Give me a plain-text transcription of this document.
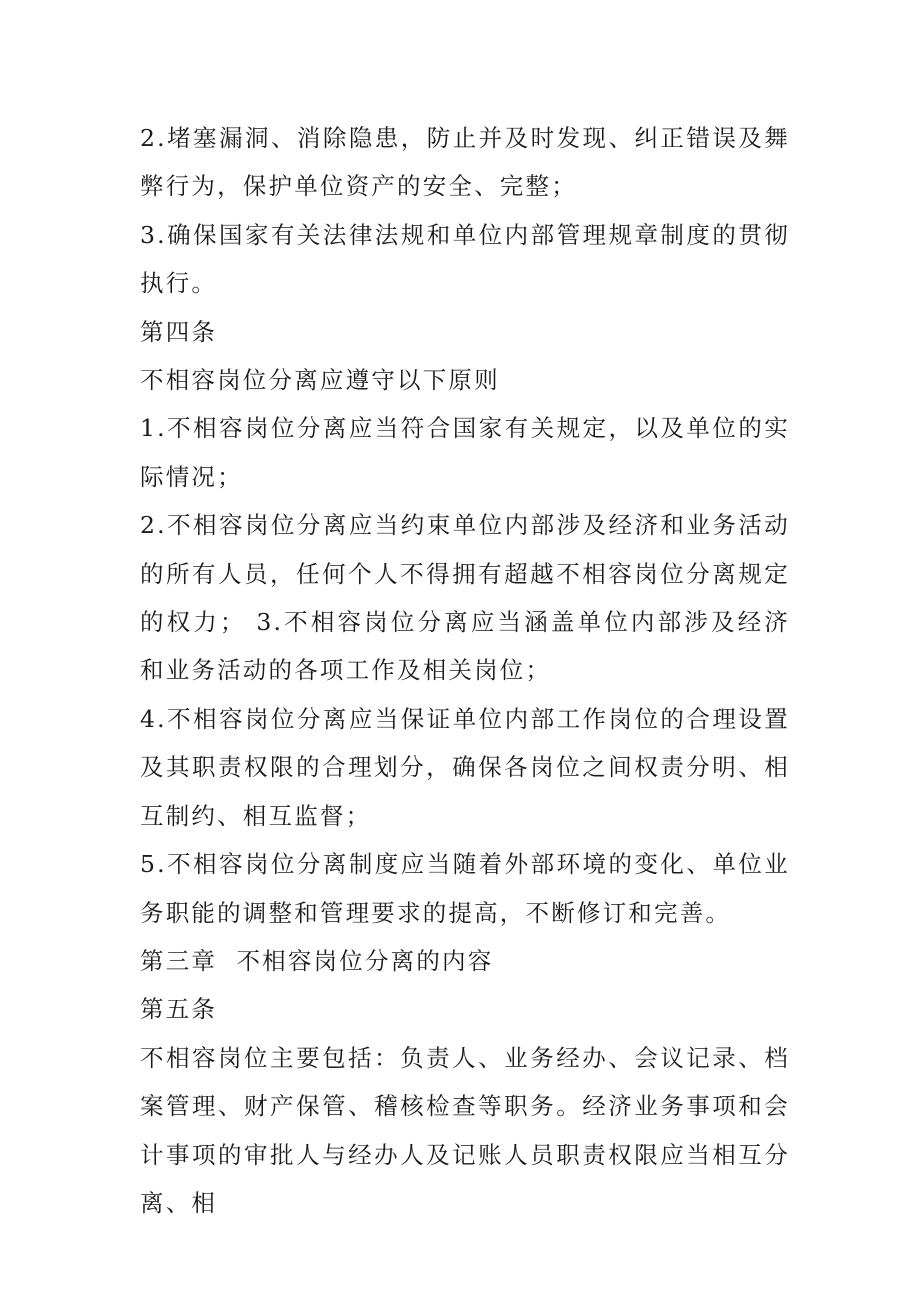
2.堵塞漏洞、消除隐患，防止并及时发现、纠正错误及舞弊行为，保护单位资产的安全、完整；

3.确保国家有关法律法规和单位内部管理规章制度的贯彻执行。

第四条

不相容岗位分离应遵守以下原则

1.不相容岗位分离应当符合国家有关规定，以及单位的实际情况；

2.不相容岗位分离应当约束单位内部涉及经济和业务活动的所有人员，任何个人不得拥有超越不相容岗位分离规定的权力； 3.不相容岗位分离应当涵盖单位内部涉及经济和业务活动的各项工作及相关岗位；

4.不相容岗位分离应当保证单位内部工作岗位的合理设置及其职责权限的合理划分，确保各岗位之间权责分明、相互制约、相互监督；

5.不相容岗位分离制度应当随着外部环境的变化、单位业务职能的调整和管理要求的提高，不断修订和完善。

第三章  不相容岗位分离的内容

第五条

不相容岗位主要包括：负责人、业务经办、会议记录、档案管理、财产保管、稽核检查等职务。经济业务事项和会计事项的审批人与经办人及记账人员职责权限应当相互分离、相
